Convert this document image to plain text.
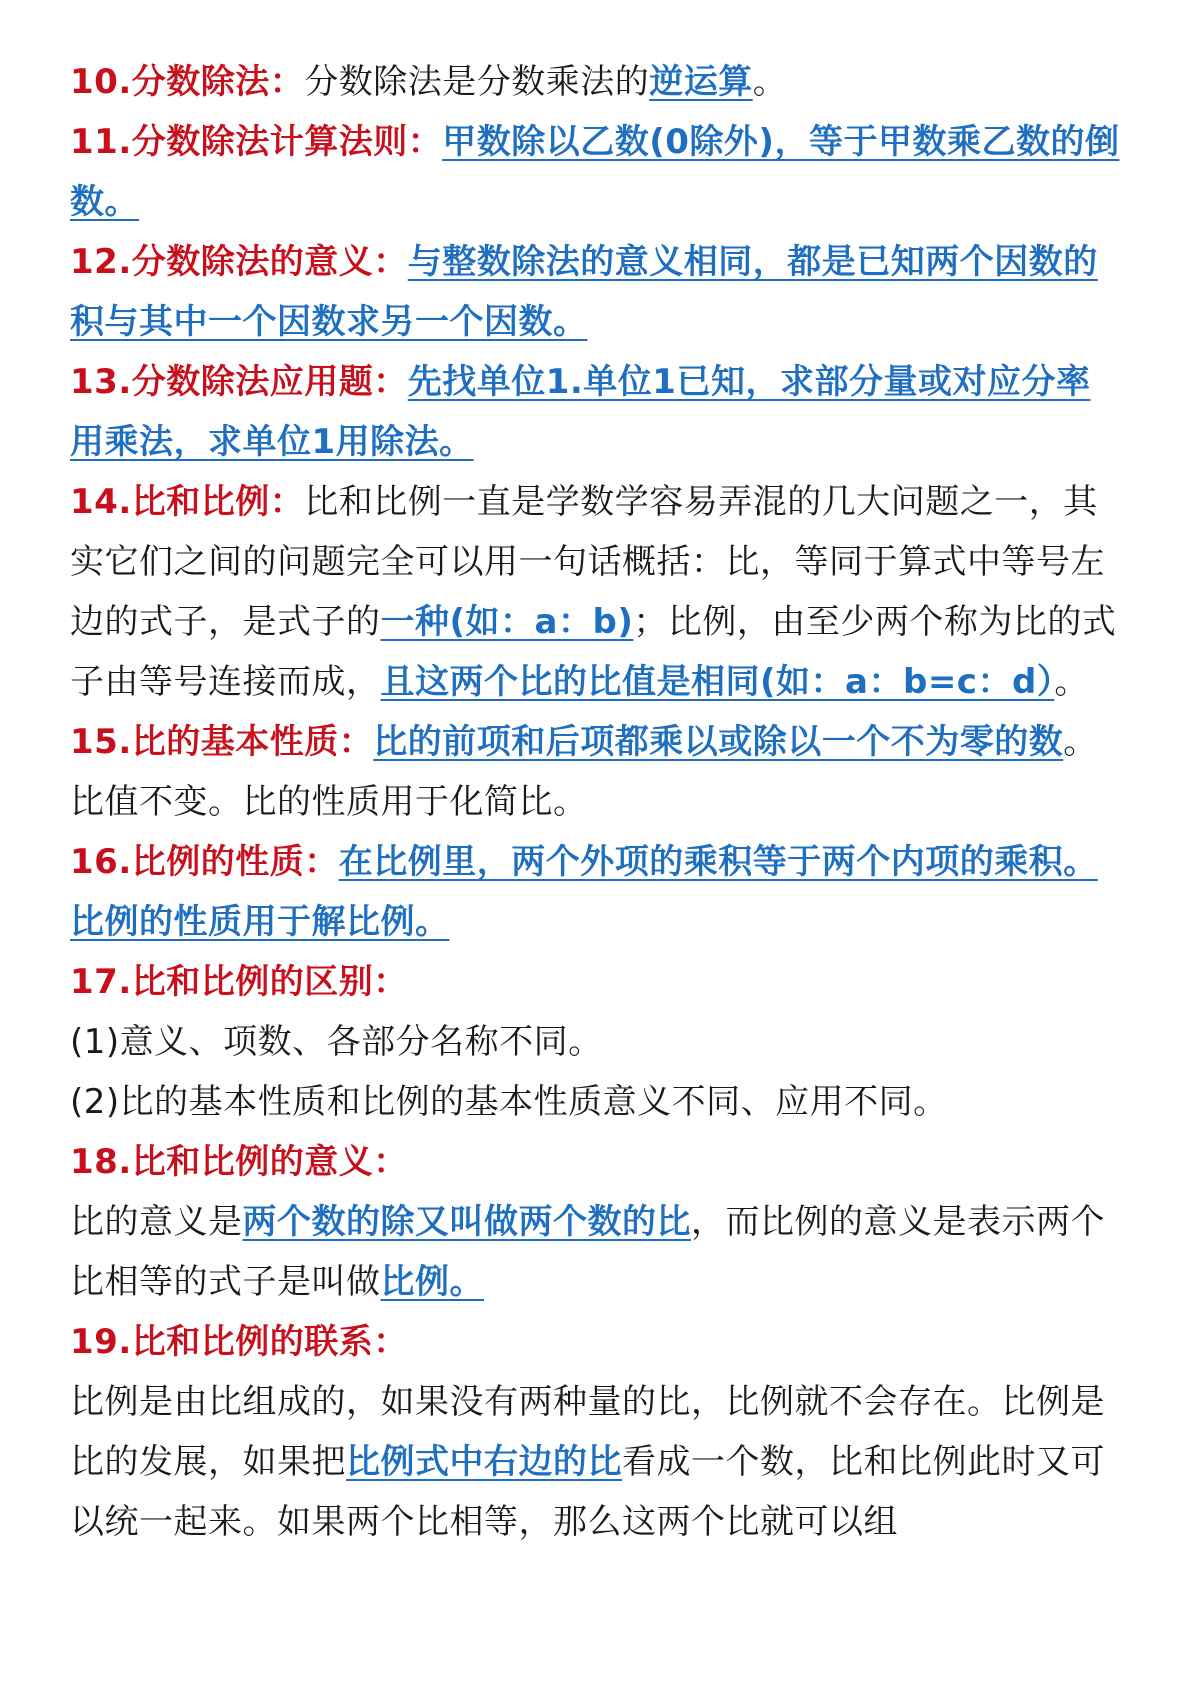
10.分数除法：分数除法是分数乘法的逆运算。

11.分数除法计算法则：甲数除以乙数(0除外)，等于甲数乘乙数的倒数。

12.分数除法的意义：与整数除法的意义相同，都是已知两个因数的积与其中一个因数求另一个因数。

13.分数除法应用题：先找单位1.单位1已知，求部分量或对应分率用乘法，求单位1用除法。

14.比和比例：比和比例一直是学数学容易弄混的几大问题之一，其实它们之间的问题完全可以用一句话概括：比，等同于算式中等号左边的式子，是式子的一种(如：a：b)；比例，由至少两个称为比的式子由等号连接而成，且这两个比的比值是相同(如：a：b=c：d）。

15.比的基本性质：比的前项和后项都乘以或除以一个不为零的数。比值不变。比的性质用于化简比。

16.比例的性质：在比例里，两个外项的乘积等于两个内项的乘积。比例的性质用于解比例。

17.比和比例的区别：

(1)意义、项数、各部分名称不同。

(2)比的基本性质和比例的基本性质意义不同、应用不同。

18.比和比例的意义：

比的意义是两个数的除又叫做两个数的比，而比例的意义是表示两个比相等的式子是叫做比例。

19.比和比例的联系：

比例是由比组成的，如果没有两种量的比，比例就不会存在。比例是比的发展，如果把比例式中右边的比看成一个数，比和比例此时又可以统一起来。如果两个比相等，那么这两个比就可以组
